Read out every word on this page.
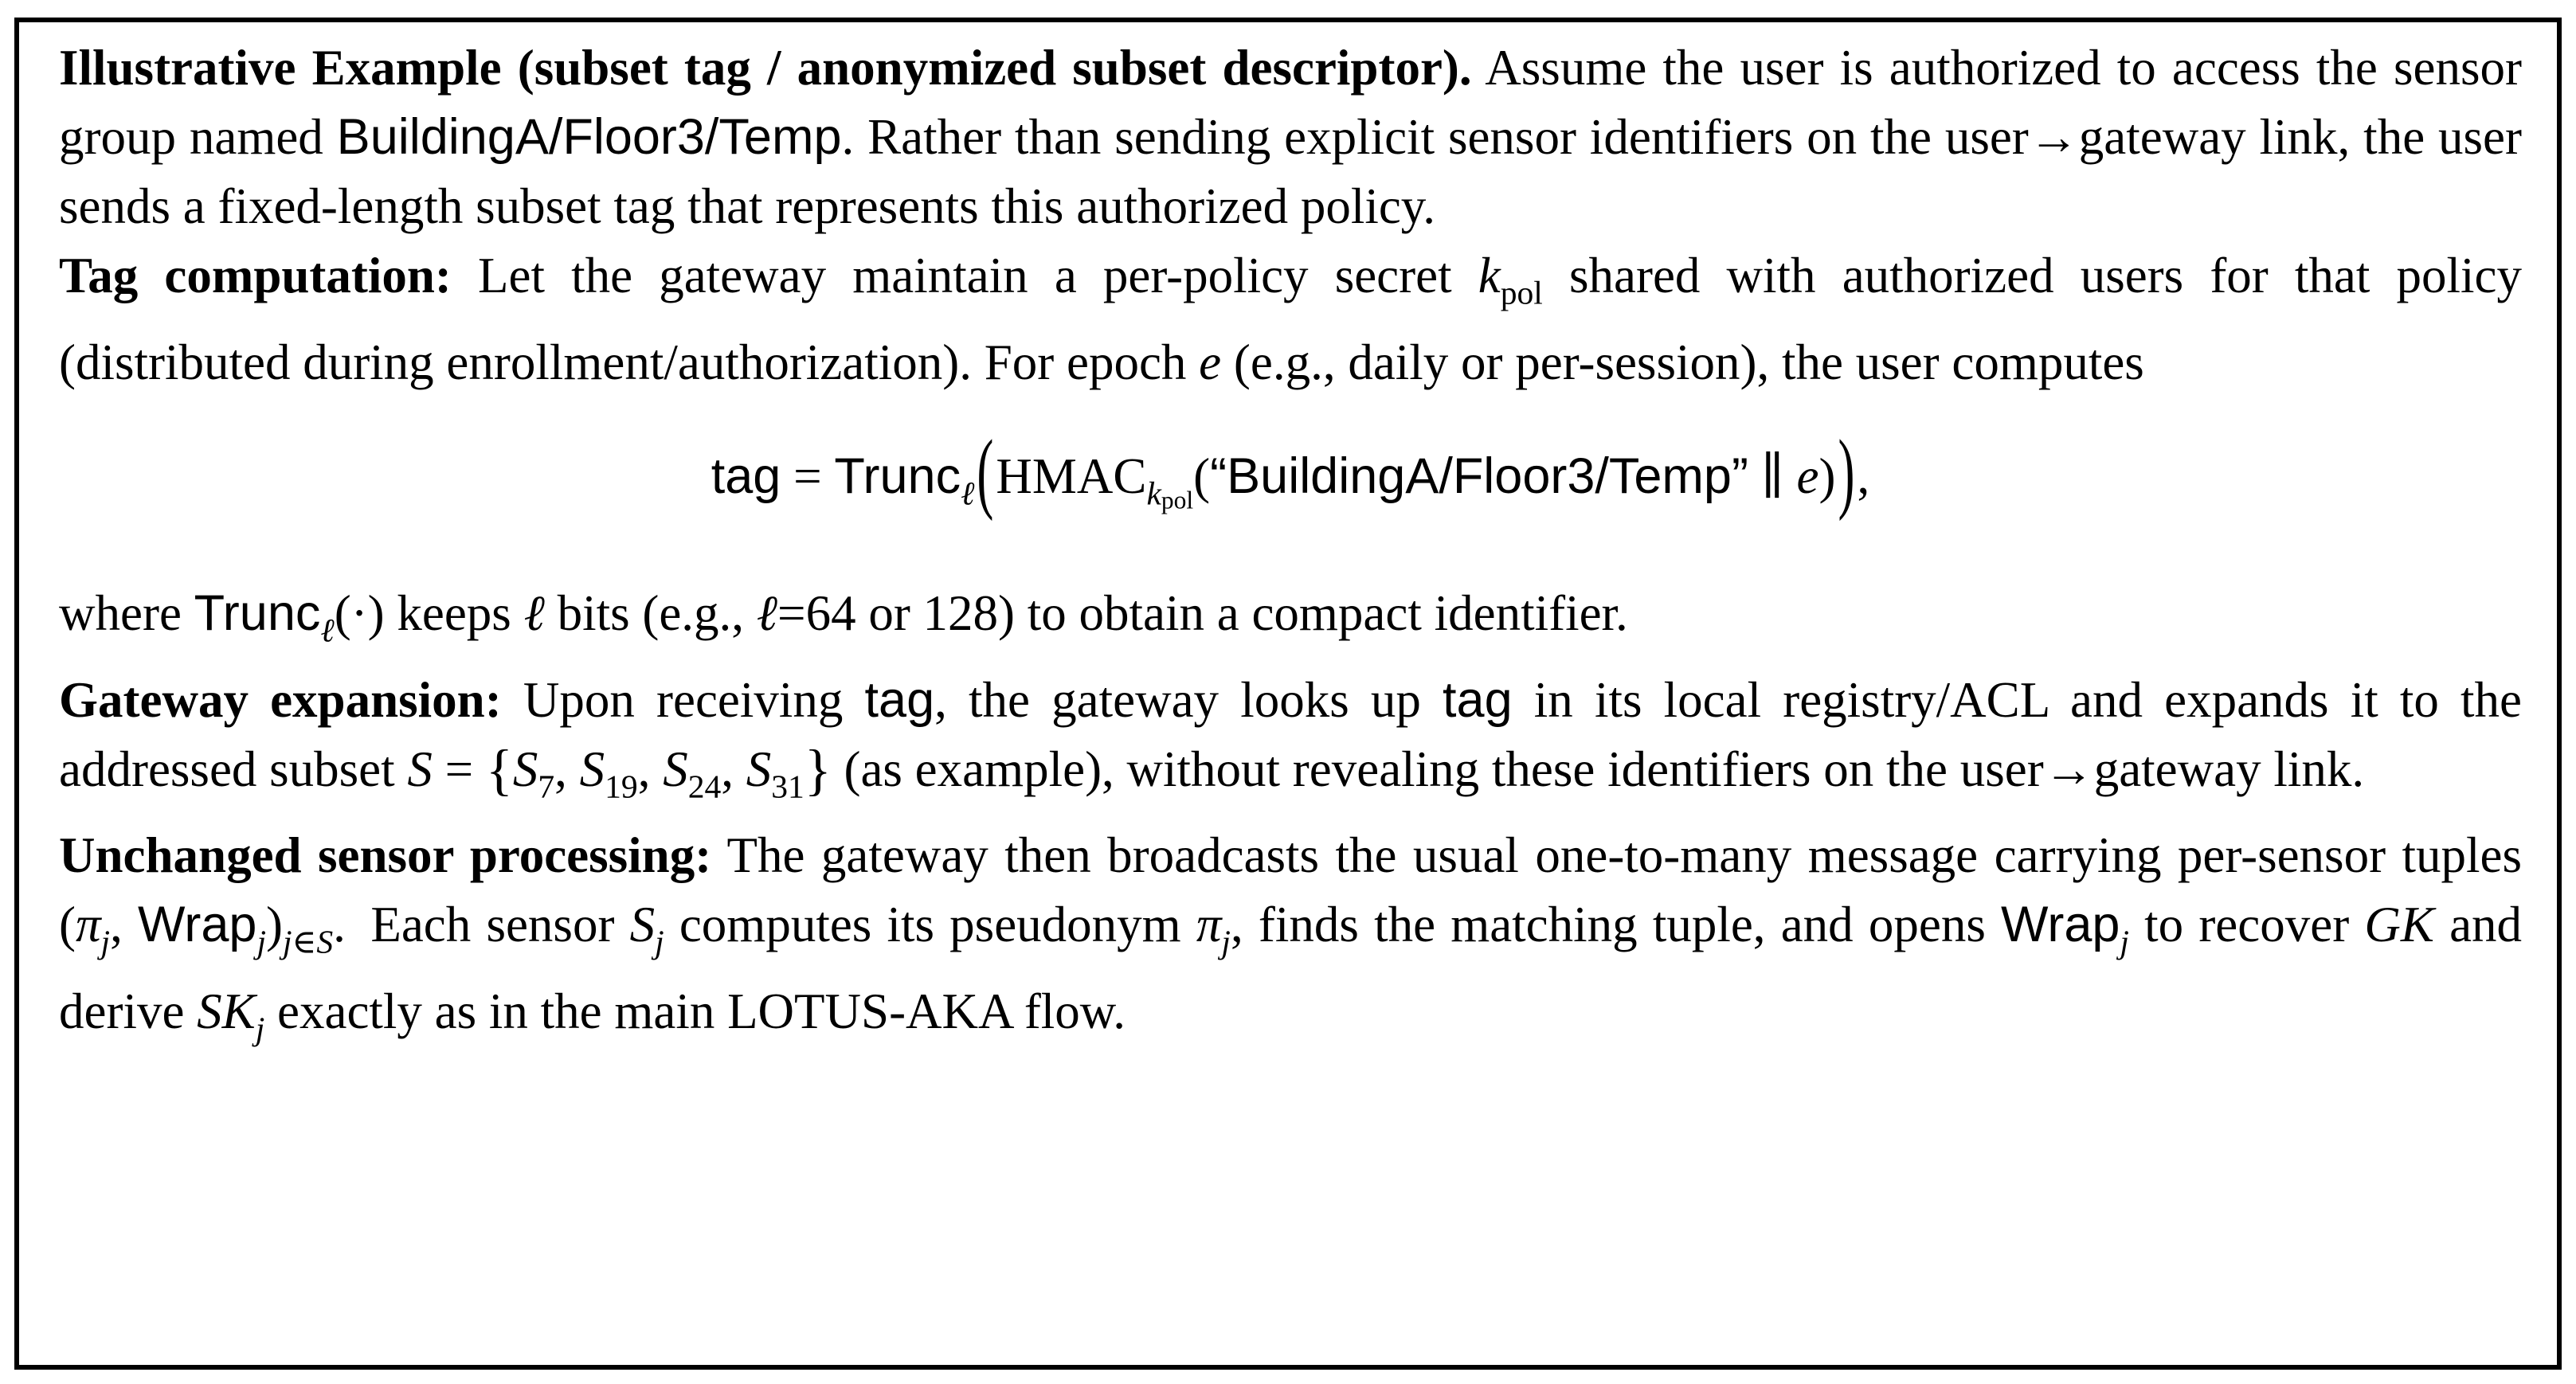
Illustrative Example (subset tag / anonymized subset descriptor). Assume the user is authorized to access the sensor group named BuildingA/Floor3/Temp. Rather than sending explicit sensor identifiers on the user→gateway link, the user sends a fixed-length subset tag that represents this authorized policy.

Tag computation: Let the gateway maintain a per-policy secret $k_{pol}$ shared with authorized users for that policy (distributed during enrollment/authorization). For epoch e (e.g., daily or per-session), the user computes

tag = $Trunc_\ell(HMAC_{kpol}(“BuildingA/Floor3$/Temp” ∥ e)),

where Trunc$_\ell$(·) keeps ℓ bits (e.g., ℓ=64 or 128) to obtain a compact identifier.

Gateway expansion: Upon receiving tag, the gateway looks up tag in its local registry/ACL and expands it to the addressed subset $S = \{S_7$, $S_{19}$, $S_{24}$, $S_{31}$} (as example), without revealing these identifiers on the user→gateway link.

Unchanged sensor processing: The gateway then broadcasts the usual one-to-many message carrying per-sensor tuples ($\pi_j$, $Wrap_j)_{j\in S}$. Each sensor $S_j$ computes its pseudonym $\pi_j$, finds the matching tuple, and opens Wrap$_j$ to recover GK and derive $SK_j$ exactly as in the main LOTUS-AKA flow.
